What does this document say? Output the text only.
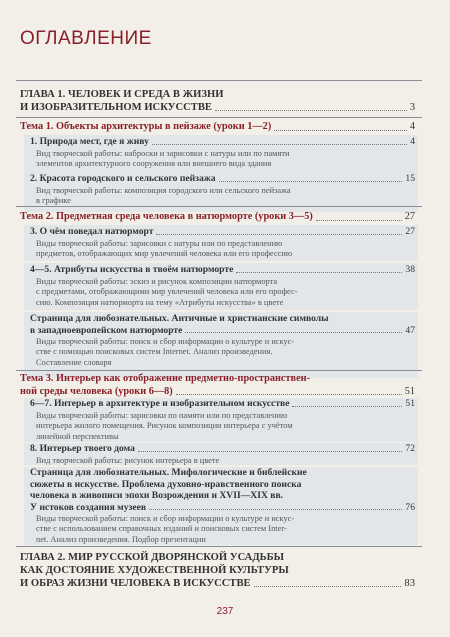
ОГЛАВЛЕНИЕ
ГЛАВА 1. ЧЕЛОВЕК И СРЕДА В ЖИЗНИ
И ИЗОБРАЗИТЕЛЬНОМ ИСКУССТВЕ	3
Тема 1. Объекты архитектуры в пейзаже (уроки 1—2)	4
1. Природа мест, где я живу	4
Вид творческой работы: наброски и зарисовки с натуры или по памяти
элементов архитектурного сооружения или внешнего вида здания
2. Красота городского и сельского пейзажа	15
Вид творческой работы: композиция городского или сельского пейзажа
в графике
Тема 2. Предметная среда человека в натюрморте (уроки 3—5)	27
3. О чём поведал натюрморт	27
Виды творческой работы: зарисовки с натуры или по представлению
предметов, отображающих мир увлечений человека или его профессию
4—5. Атрибуты искусства в твоём натюрморте	38
Виды творческой работы: эскиз и рисунок композиции натюрморта
с предметами, отображающими мир увлечений человека или его профес-
сию. Композиция натюрморта на тему «Атрибуты искусства» в цвете
Страница для любознательных. Античные и христианские символы
в западноевропейском натюрморте	47
Виды творческой работы: поиск и сбор информации о культуре и искус-
стве с помощью поисковых систем Internet. Анализ произведения.
Составление словаря
Тема 3. Интерьер как отображение предметно-пространствен-
ной среды человека (уроки 6—8)	51
6—7. Интерьер в архитектуре и изобразительном искусстве	51
Виды творческой работы: зарисовки по памяти или по представлению
интерьера жилого помещения. Рисунок композиции интерьера с учётом
линейной перспективы
8. Интерьер твоего дома	72
Вид творческой работы: рисунок интерьера в цвете
Страница для любознательных. Мифологические и библейские
сюжеты в искусстве. Проблема духовно-нравственного поиска
человека в живописи эпохи Возрождения и XVII—XIX вв.
У истоков создания музеев	76
Виды творческой работы: поиск и сбор информации о культуре и искус-
стве с использованием справочных изданий и поисковых систем Inter-
net. Анализ произведения. Подбор презентации
ГЛАВА 2. МИР РУССКОЙ ДВОРЯНСКОЙ УСАДЬБЫ
КАК ДОСТОЯНИЕ ХУДОЖЕСТВЕННОЙ КУЛЬТУРЫ
И ОБРАЗ ЖИЗНИ ЧЕЛОВЕКА В ИСКУССТВЕ	83
237
